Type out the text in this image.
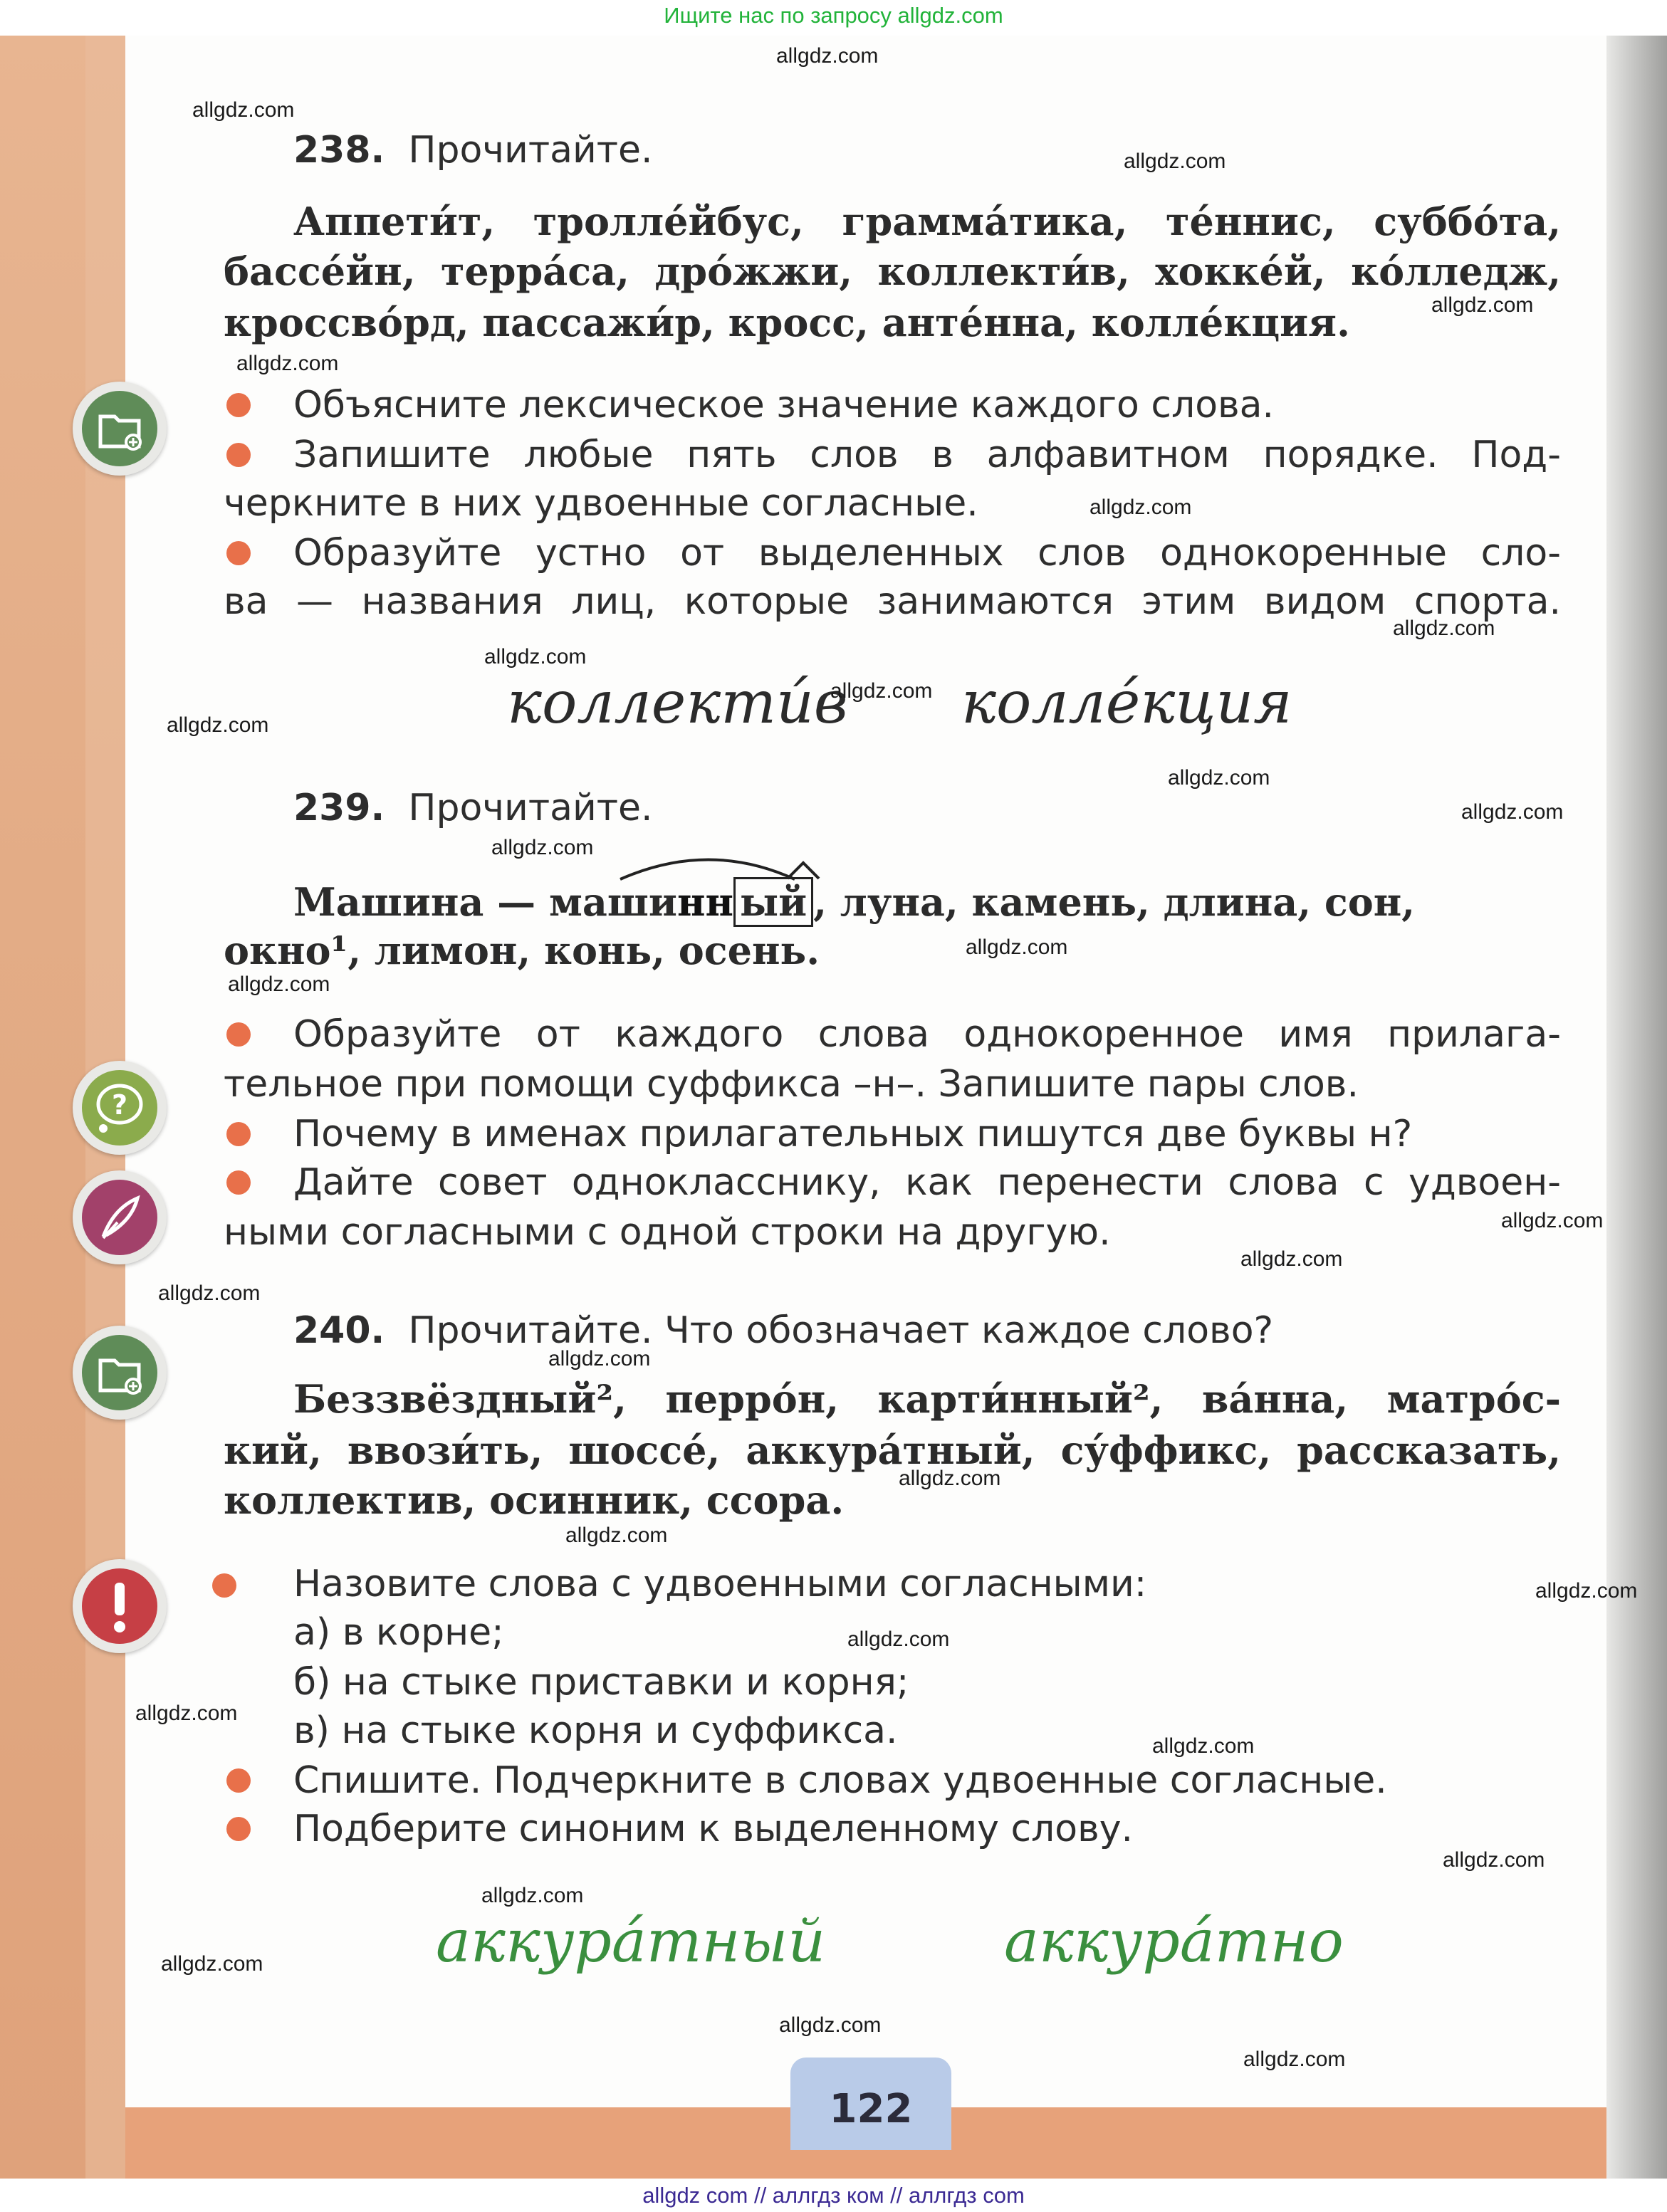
Ищите нас по запросу allgdz.com
238. Прочитайте.
Аппети́т, тролле́йбус, грамма́тика, те́ннис, суббо́та,
бассе́йн, терра́са, дро́жжи, коллекти́в, хокке́й, ко́лледж,
кроссво́рд, пассажи́р, кросс, анте́нна, колле́кция.
Объясните лексическое значение каждого слова.
Запишите любые пять слов в алфавитном порядке. Под-
черкните в них удвоенные согласные.
Образуйте устно от выделенных слов однокоренные сло-
ва — названия лиц, которые занимаются этим видом спорта.
коллекти́в колле́кция
239. Прочитайте.
Машина — машинн ый , луна, камень, длина, сон,
окно¹, лимон, конь, осень.
Образуйте от каждого слова однокоренное имя прилага-
тельное при помощи суффикса –н–. Запишите пары слов.
Почему в именах прилагательных пишутся две буквы н?
Дайте совет однокласснику, как перенести слова с удвоен-
ными согласными с одной строки на другую.
240. Прочитайте. Что обозначает каждое слово?
Беззвёздный², перро́н, карти́нный², ва́нна, матро́с-
кий, ввози́ть, шоссе́, аккура́тный, су́ффикс, рассказать,
коллектив, осинник, ссора.
Назовите слова с удвоенными согласными:
а) в корне;
б) на стыке приставки и корня;
в) на стыке корня и суффикса.
Спишите. Подчеркните в словах удвоенные согласные.
Подберите синоним к выделенному слову.
аккура́тный	аккура́тно
?
122
allgdz.com
allgdz.com
allgdz.com
allgdz.com
allgdz.com
allgdz.com
allgdz.com
allgdz.com
allgdz.com
allgdz.com
allgdz.com
allgdz.com
allgdz.com
allgdz.com
allgdz.com
allgdz.com
allgdz.com
allgdz.com
allgdz.com
allgdz.com
allgdz.com
allgdz.com
allgdz.com
allgdz.com
allgdz.com
allgdz.com
allgdz.com
allgdz.com
allgdz.com
allgdz.com
allgdz com // аллгдз ком // аллгдз com
